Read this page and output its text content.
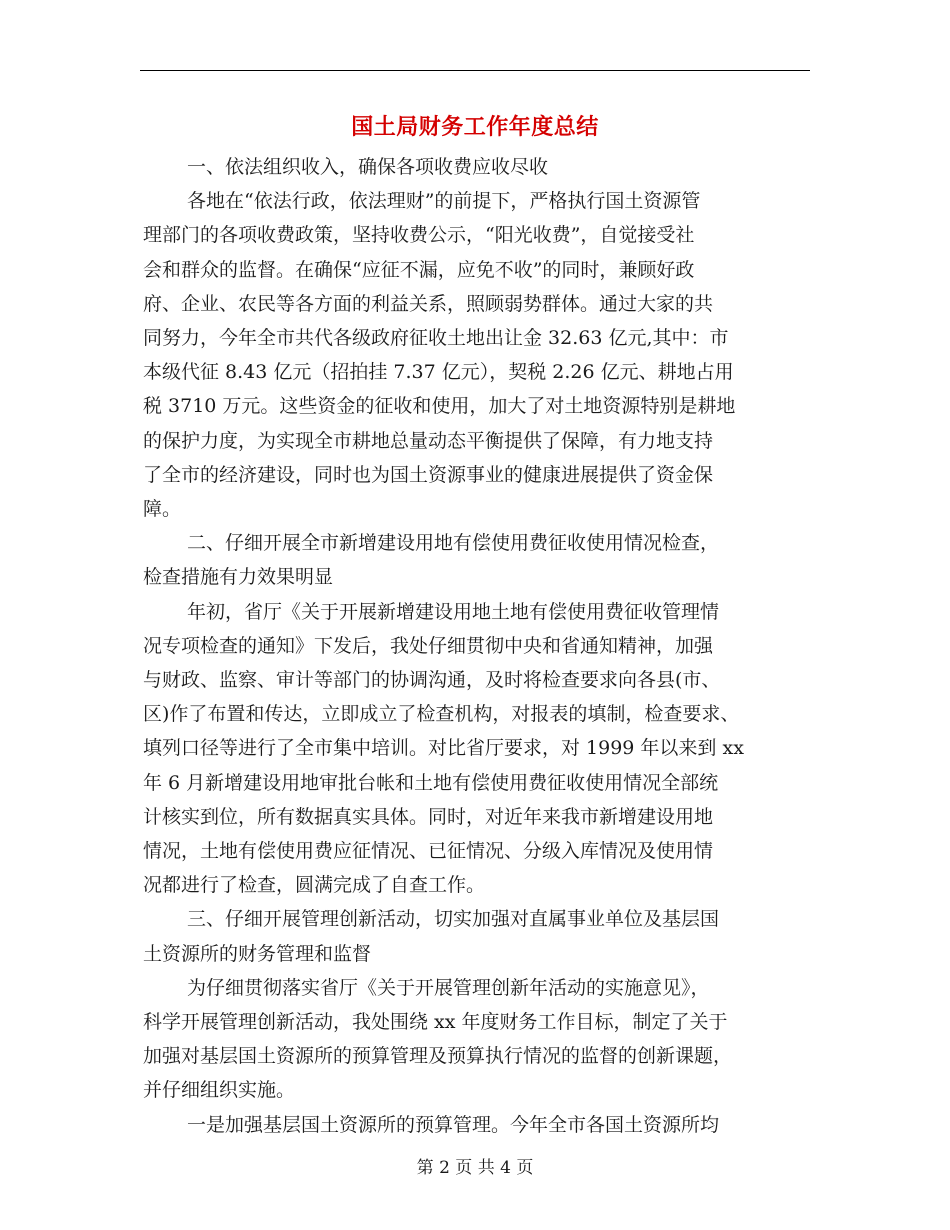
国土局财务工作年度总结
一、依法组织收入，确保各项收费应收尽收
各地在“依法行政，依法理财”的前提下，严格执行国土资源管
理部门的各项收费政策，坚持收费公示，“阳光收费”，自觉接受社
会和群众的监督。在确保“应征不漏，应免不收”的同时，兼顾好政
府、企业、农民等各方面的利益关系，照顾弱势群体。通过大家的共
同努力，今年全市共代各级政府征收土地出让金 32.63 亿元,其中：市
本级代征 8.43 亿元（招拍挂 7.37 亿元），契税 2.26 亿元、耕地占用
税 3710 万元。这些资金的征收和使用，加大了对土地资源特别是耕地
的保护力度，为实现全市耕地总量动态平衡提供了保障，有力地支持
了全市的经济建设，同时也为国土资源事业的健康进展提供了资金保
障。
二、仔细开展全市新增建设用地有偿使用费征收使用情况检查，
检查措施有力效果明显
年初，省厅《关于开展新增建设用地土地有偿使用费征收管理情
况专项检查的通知》下发后，我处仔细贯彻中央和省通知精神，加强
与财政、监察、审计等部门的协调沟通，及时将检查要求向各县(市、
区)作了布置和传达，立即成立了检查机构，对报表的填制，检查要求、
填列口径等进行了全市集中培训。对比省厅要求，对 1999 年以来到 xx
年 6 月新增建设用地审批台帐和土地有偿使用费征收使用情况全部统
计核实到位，所有数据真实具体。同时，对近年来我市新增建设用地
情况，土地有偿使用费应征情况、已征情况、分级入库情况及使用情
况都进行了检查，圆满完成了自查工作。
三、仔细开展管理创新活动，切实加强对直属事业单位及基层国
土资源所的财务管理和监督
为仔细贯彻落实省厅《关于开展管理创新年活动的实施意见》，
科学开展管理创新活动，我处围绕 xx 年度财务工作目标，制定了关于
加强对基层国土资源所的预算管理及预算执行情况的监督的创新课题，
并仔细组织实施。
一是加强基层国土资源所的预算管理。今年全市各国土资源所均
第 2 页 共 4 页
